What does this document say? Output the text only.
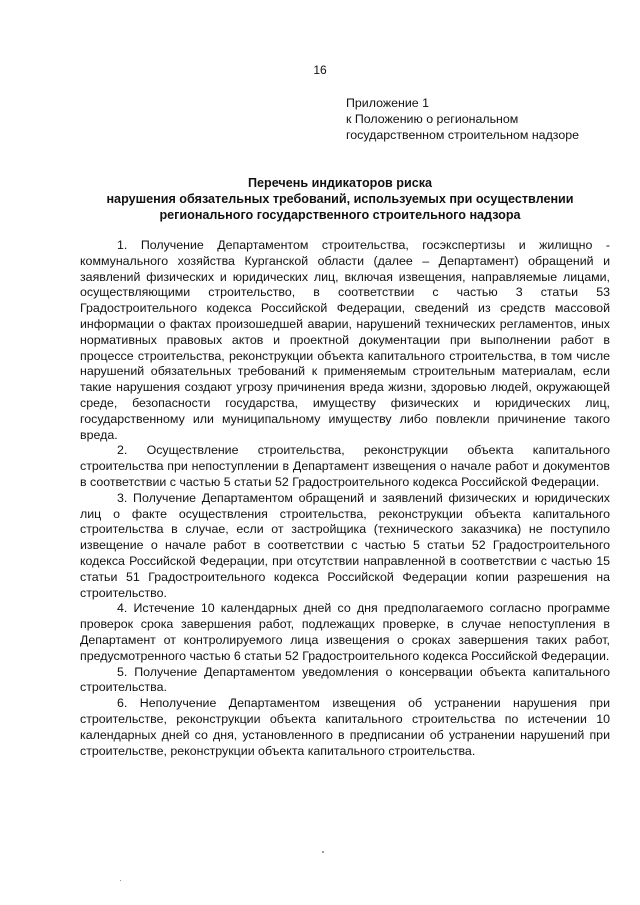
16
Приложение 1
к Положению о региональном
государственном строительном надзоре
Перечень индикаторов риска
нарушения обязательных требований, используемых при осуществлении
регионального государственного строительного надзора

1. Получение Департаментом строительства, госэкспертизы и жилищно - коммунального хозяйства Курганской области (далее – Департамент) обращений и заявлений физических и юридических лиц, включая извещения, направляемые лицами, осуществляющими строительство, в соответствии с частью 3 статьи 53 Градостроительного кодекса Российской Федерации, сведений из средств массовой информации о фактах произошедшей аварии, нарушений технических регламентов, иных нормативных правовых актов и проектной документации при выполнении работ в процессе строительства, реконструкции объекта капитального строительства, в том числе нарушений обязательных требований к применяемым строительным материалам, если такие нарушения создают угрозу причинения вреда жизни, здоровью людей, окружающей среде, безопасности государства, имуществу физических и юридических лиц, государственному или муниципальному имуществу либо повлекли причинение такого вреда.

2. Осуществление строительства, реконструкции объекта капитального строительства при непоступлении в Департамент извещения о начале работ и документов в соответствии с частью 5 статьи 52 Градостроительного кодекса Российской Федерации.

3. Получение Департаментом обращений и заявлений физических и юридических лиц о факте осуществления строительства, реконструкции объекта капитального строительства в случае, если от застройщика (технического заказчика) не поступило извещение о начале работ в соответствии с частью 5 статьи 52 Градостроительного кодекса Российской Федерации, при отсутствии направленной в соответствии с частью 15 статьи 51 Градостроительного кодекса Российской Федерации копии разрешения на строительство.

4. Истечение 10 календарных дней со дня предполагаемого согласно программе проверок срока завершения работ, подлежащих проверке, в случае непоступления в Департамент от контролируемого лица извещения о сроках завершения таких работ, предусмотренного частью 6 статьи 52 Градостроительного кодекса Российской Федерации.

5. Получение Департаментом уведомления о консервации объекта капитального строительства.

6. Неполучение Департаментом извещения об устранении нарушения при строительстве, реконструкции объекта капитального строительства по истечении 10 календарных дней со дня, установленного в предписании об устранении нарушений при строительстве, реконструкции объекта капитального строительства.
